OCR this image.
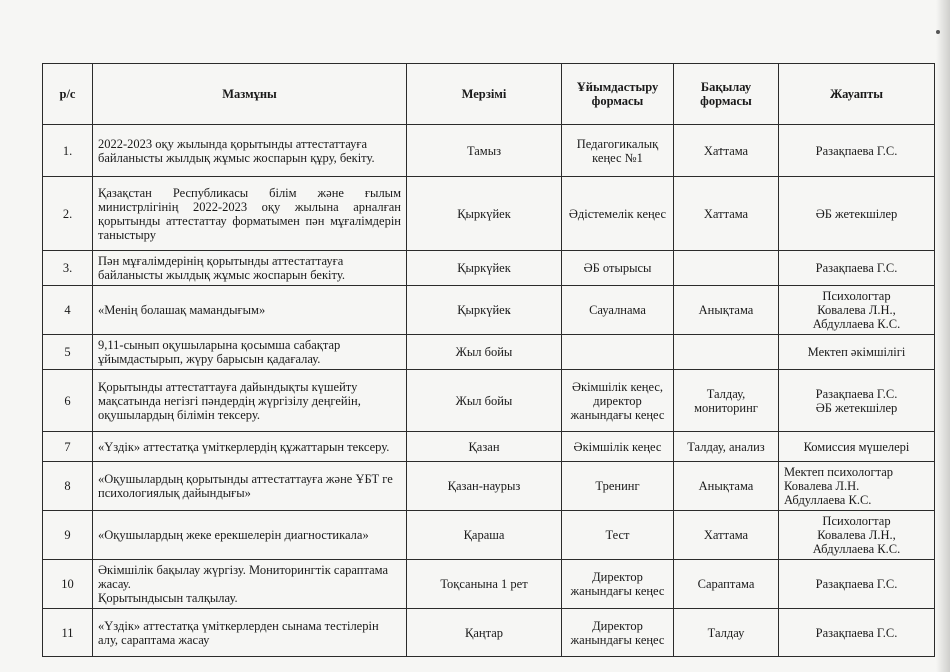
р/с	Мазмұны	Мерзімі	Ұйымдастыру формасы	Бақылау формасы	Жауапты
1.	2022-2023 оқу жылында қорытынды аттестаттауға байланысты жылдық жұмыс жоспарын құру, бекіту.	Тамыз	Педагогикалық кеңес №1	Хаттама	Разақпаева Г.С.
2.	Қазақстан Республикасы білім және ғылым министрлігінің 2022-2023 оқу жылына арналған қорытынды аттестаттау форматымен пән мұғалімдерін таныстыру	Қыркүйек	Әдістемелік кеңес	Хаттама	ӘБ жетекшілер
3.	Пән мұғалімдерінің қорытынды аттестаттауға байланысты жылдық жұмыс жоспарын бекіту.	Қыркүйек	ӘБ отырысы		Разақпаева Г.С.
4	«Менің болашақ мамандығым»	Қыркүйек	Сауалнама	Анықтама	Психологтар
Ковалева Л.Н.,
Абдуллаева К.С.
5	9,11-сынып оқушыларына қосымша сабақтар ұйымдастырып, жүру барысын қадағалау.	Жыл бойы			Мектеп әкімшілігі
6	Қорытынды аттестаттауға дайындықты күшейту мақсатында негізгі пәндердің жүргізілу деңгейін, оқушылардың білімін тексеру.	Жыл бойы	Әкімшілік кеңес, директор жанындағы кеңес	Талдау, мониторинг	Разақпаева Г.С.
ӘБ жетекшілер
7	«Үздік» аттестатқа үміткерлердің құжаттарын тексеру.	Қазан	Әкімшілік кеңес	Талдау, анализ	Комиссия мүшелері
8	«Оқушылардың қорытынды аттестаттауға және ҰБТ ге психологиялық дайындығы»	Қазан-наурыз	Тренинг	Анықтама	Мектеп психологтар
Ковалева Л.Н.
Абдуллаева К.С.
9	«Оқушылардың жеке ерекшелерін диагностикала»	Қараша	Тест	Хаттама	Психологтар
Ковалева Л.Н.,
Абдуллаева К.С.
10	Әкімшілік бақылау жүргізу. Мониторингтік сараптама жасау.
Қорытындысын талқылау.	Тоқсанына 1 рет	Директор жанындағы кеңес	Сараптама	Разақпаева Г.С.
11	«Үздік» аттестатқа үміткерлерден сынама тестілерін алу, сараптама жасау	Қаңтар	Директор жанындағы кеңес	Талдау	Разақпаева Г.С.
